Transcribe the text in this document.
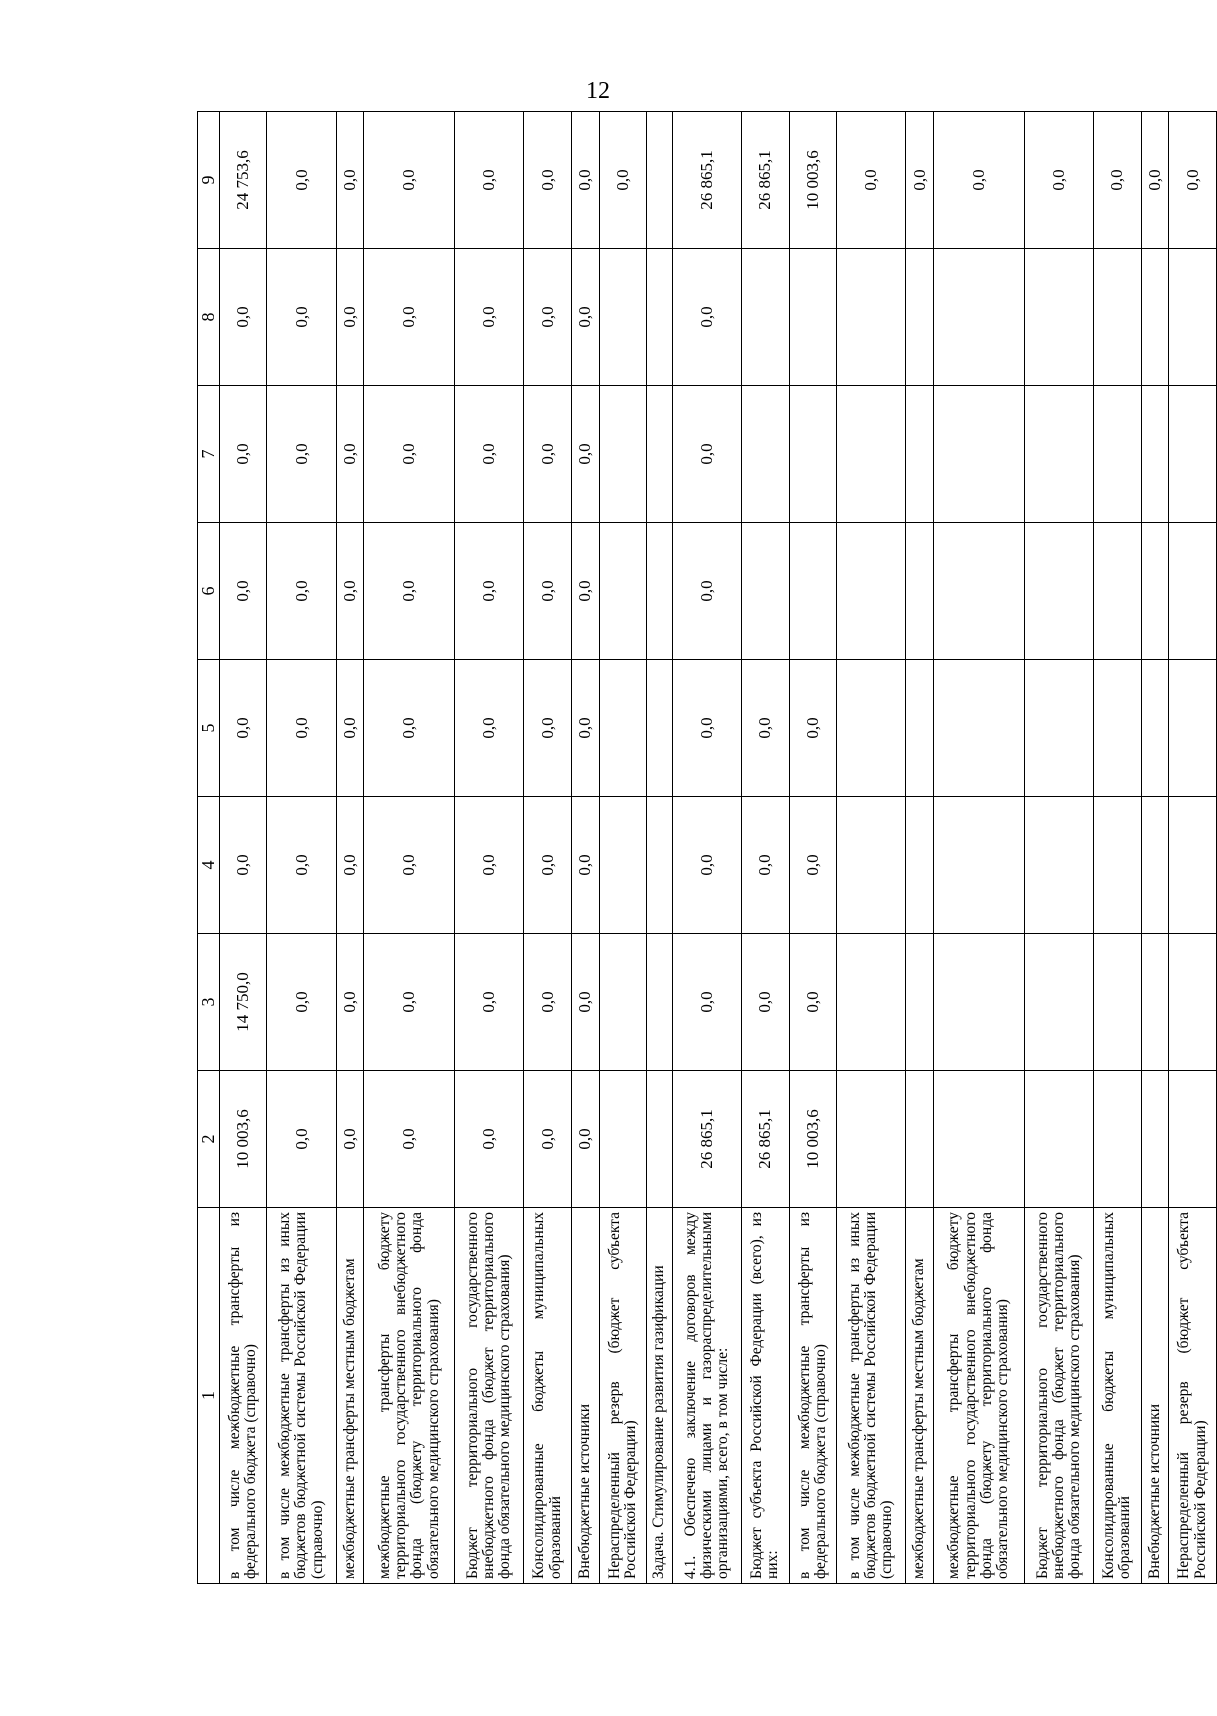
12
1	2	3	4	5	6	7	8	9
в том числе межбюджетные трансферты из федерального бюджета (справочно)	10 003,6	14 750,0	0,0	0,0	0,0	0,0	0,0	24 753,6
в том числе межбюджетные трансферты из иных бюджетов бюджетной системы Российской Федерации (справочно)	0,0	0,0	0,0	0,0	0,0	0,0	0,0	0,0
межбюджетные трансферты местным бюджетам	0,0	0,0	0,0	0,0	0,0	0,0	0,0	0,0
межбюджетные трансферты бюджету территориального государственного внебюджетного фонда (бюджету территориального фонда обязательного медицинского страхования)	0,0	0,0	0,0	0,0	0,0	0,0	0,0	0,0
Бюджет территориального государственного внебюджетного фонда (бюджет территориального фонда обязательного медицинского страхования)	0,0	0,0	0,0	0,0	0,0	0,0	0,0	0,0
Консолидированные бюджеты муниципальных образований	0,0	0,0	0,0	0,0	0,0	0,0	0,0	0,0
Внебюджетные источники	0,0	0,0	0,0	0,0	0,0	0,0	0,0	0,0
Нераспределенный резерв (бюджет субъекта Российской Федерации)								0,0
Задача. Стимулирование развития газификации								
4.1. Обеспечено заключение договоров между физическими лицами и газораспределительными организациями, всего, в том числе:	26 865,1	0,0	0,0	0,0	0,0	0,0	0,0	26 865,1
Бюджет субъекта Российской Федерации (всего), из них:	26 865,1	0,0	0,0	0,0				26 865,1
в том числе межбюджетные трансферты из федерального бюджета (справочно)	10 003,6	0,0	0,0	0,0				10 003,6
в том числе межбюджетные трансферты из иных бюджетов бюджетной системы Российской Федерации (справочно)								0,0
межбюджетные трансферты местным бюджетам								0,0
межбюджетные трансферты бюджету территориального государственного внебюджетного фонда (бюджету территориального фонда обязательного медицинского страхования)								0,0
Бюджет территориального государственного внебюджетного фонда (бюджет территориального фонда обязательного медицинского страхования)								0,0
Консолидированные бюджеты муниципальных образований								0,0
Внебюджетные источники								0,0
Нераспределенный резерв (бюджет субъекта Российской Федерации)								0,0
